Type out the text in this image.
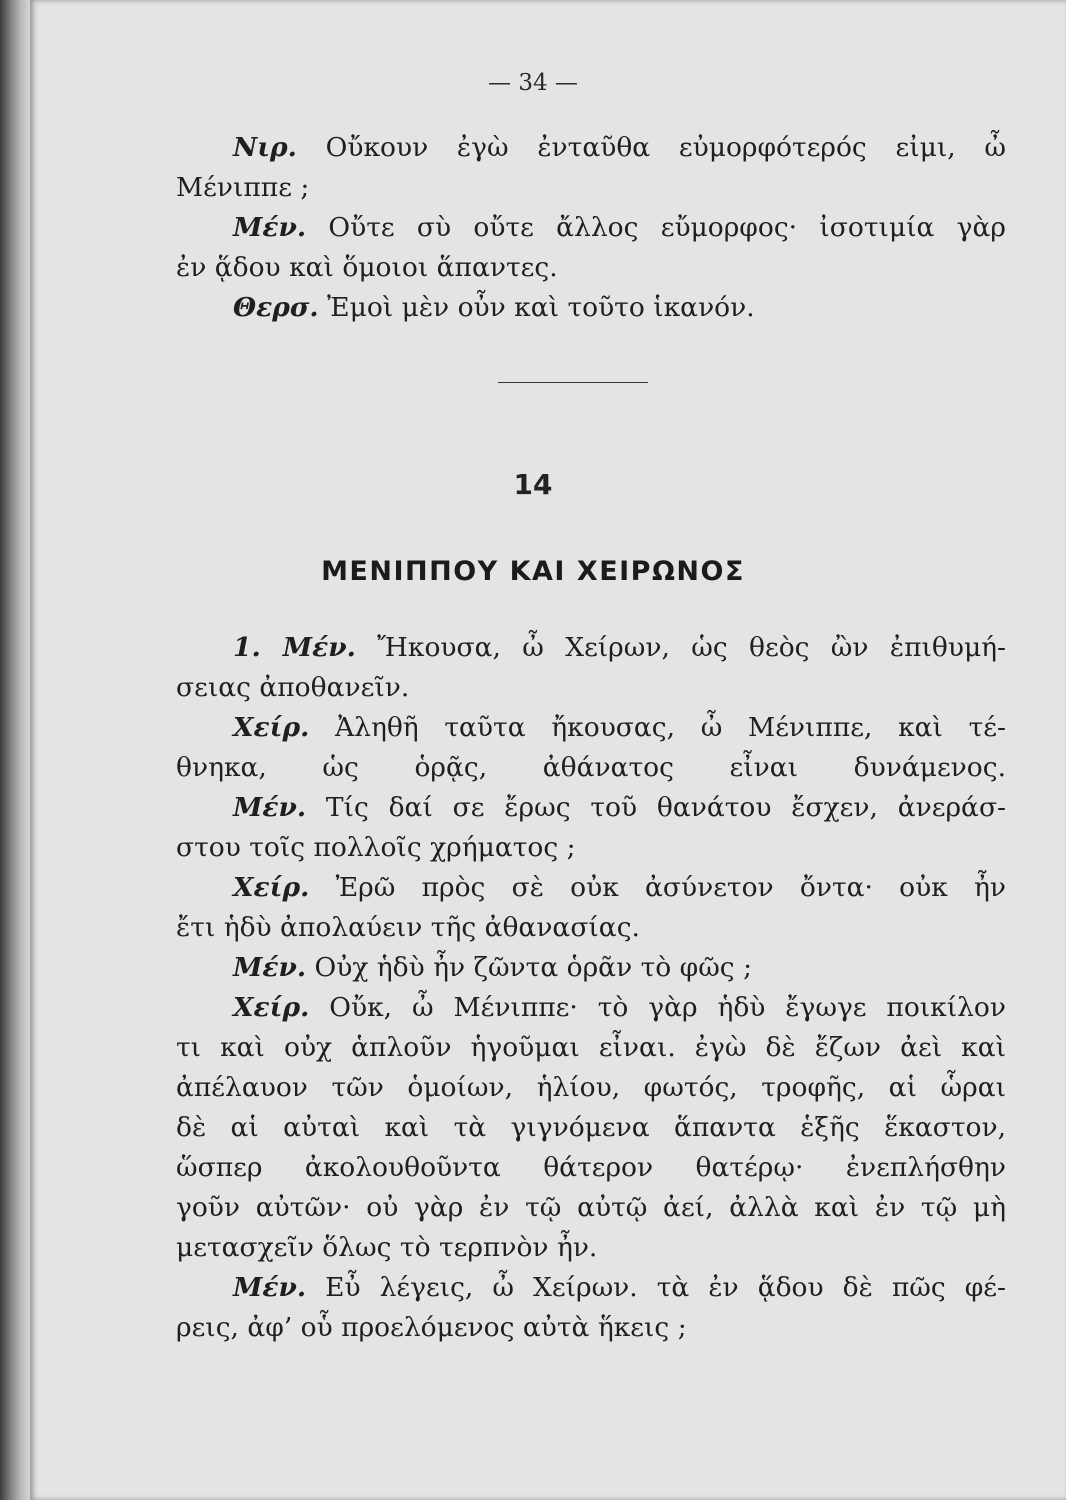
— 34 —
Νιρ. Οὔκουν ἐγὼ ἐνταῦθα εὐμορφότερός εἰμι, ὦ
Μένιππε ;
Μέν. Οὔτε σὺ οὔτε ἄλλος εὔμορφος· ἰσοτιμία γὰρ
ἐν ᾅδου καὶ ὅμοιοι ἅπαντες.
Θερσ. Ἐμοὶ μὲν οὖν καὶ τοῦτο ἱκανόν.
14
ΜΕΝΙΠΠΟΥ ΚΑΙ ΧΕΙΡΩΝΟΣ
1. Μέν. Ἤκουσα, ὦ Χείρων, ὡς θεὸς ὢν ἐπιθυμή-
σειας ἀποθανεῖν.
Χείρ. Ἀληθῆ ταῦτα ἤκουσας, ὦ Μένιππε, καὶ τέ-
θνηκα, ὡς ὁρᾷς, ἀθάνατος εἶναι δυνάμενος.
Μέν. Τίς δαί σε ἔρως τοῦ θανάτου ἔσχεν, ἀνεράσ-
στου τοῖς πολλοῖς χρήματος ;
Χείρ. Ἐρῶ πρὸς σὲ οὐκ ἀσύνετον ὄντα· οὐκ ἦν
ἔτι ἡδὺ ἀπολαύειν τῆς ἀθανασίας.
Μέν. Οὐχ ἡδὺ ἦν ζῶντα ὁρᾶν τὸ φῶς ;
Χείρ. Οὔκ, ὦ Μένιππε· τὸ γὰρ ἡδὺ ἔγωγε ποικίλον
τι καὶ οὐχ ἁπλοῦν ἡγοῦμαι εἶναι. ἐγὼ δὲ ἔζων ἀεὶ καὶ
ἀπέλαυον τῶν ὁμοίων, ἡλίου, φωτός, τροφῆς, αἱ ὧραι
δὲ αἱ αὐταὶ καὶ τὰ γιγνόμενα ἅπαντα ἑξῆς ἕκαστον,
ὥσπερ ἀκολουθοῦντα θάτερον θατέρῳ· ἐνεπλήσθην
γοῦν αὐτῶν· οὐ γὰρ ἐν τῷ αὐτῷ ἀεί, ἀλλὰ καὶ ἐν τῷ μὴ
μετασχεῖν ὅλως τὸ τερπνὸν ἦν.
Μέν. Εὖ λέγεις, ὦ Χείρων. τὰ ἐν ᾅδου δὲ πῶς φέ-
ρεις, ἀφ’ οὗ προελόμενος αὐτὰ ἥκεις ;
